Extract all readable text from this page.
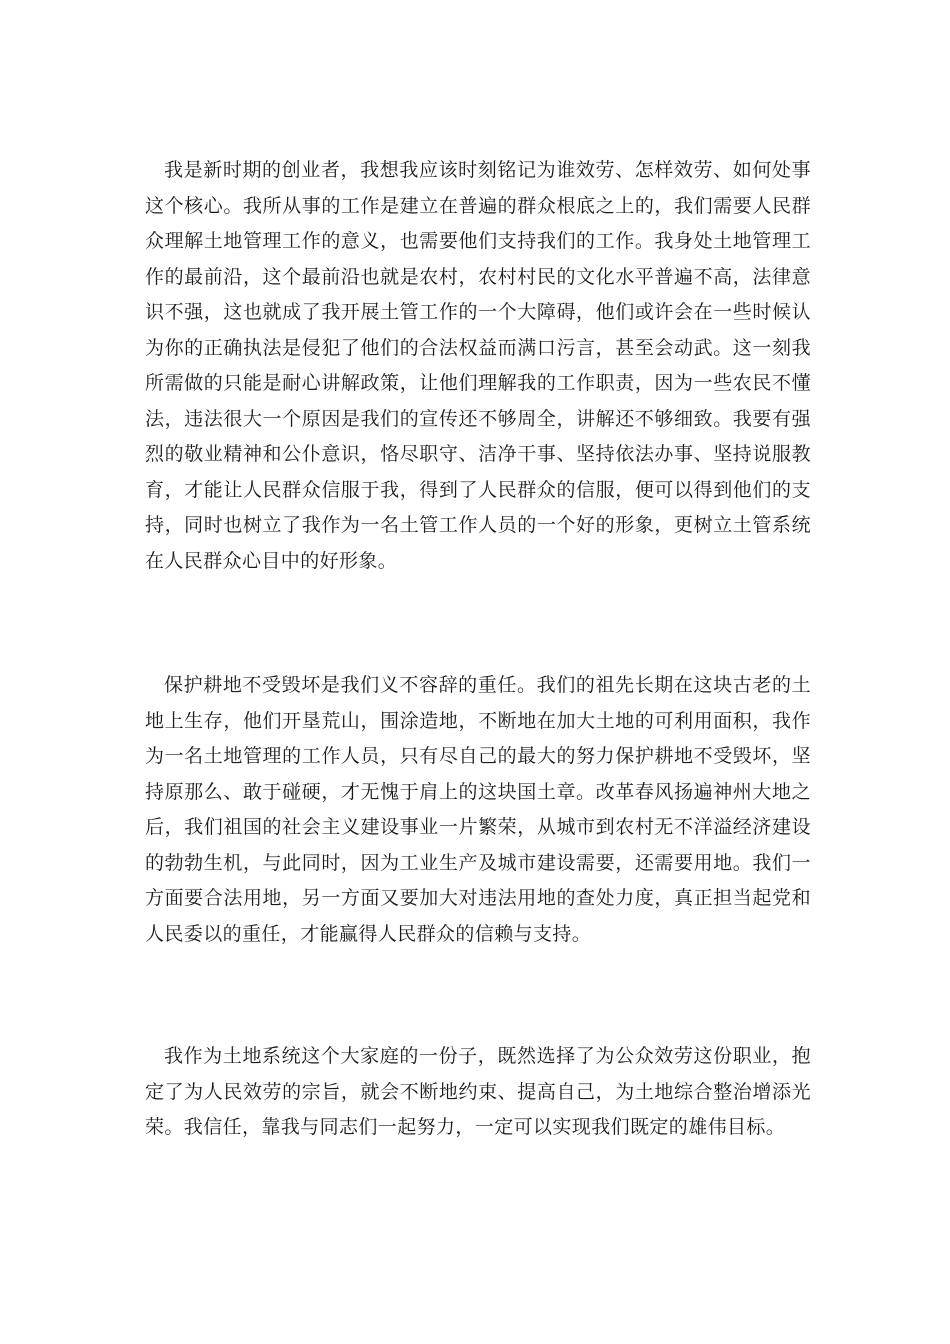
我是新时期的创业者，我想我应该时刻铭记为谁效劳、怎样效劳、如何处事这个核心。我所从事的工作是建立在普遍的群众根底之上的，我们需要人民群众理解土地管理工作的意义，也需要他们支持我们的工作。我身处土地管理工作的最前沿，这个最前沿也就是农村，农村村民的文化水平普遍不高，法律意识不强，这也就成了我开展土管工作的一个大障碍，他们或许会在一些时候认为你的正确执法是侵犯了他们的合法权益而满口污言，甚至会动武。这一刻我所需做的只能是耐心讲解政策，让他们理解我的工作职责，因为一些农民不懂法，违法很大一个原因是我们的宣传还不够周全，讲解还不够细致。我要有强烈的敬业精神和公仆意识，恪尽职守、洁净干事、坚持依法办事、坚持说服教育，才能让人民群众信服于我，得到了人民群众的信服，便可以得到他们的支持，同时也树立了我作为一名土管工作人员的一个好的形象，更树立土管系统在人民群众心目中的好形象。

保护耕地不受毁坏是我们义不容辞的重任。我们的祖先长期在这块古老的土地上生存，他们开垦荒山，围涂造地，不断地在加大土地的可利用面积，我作为一名土地管理的工作人员，只有尽自己的最大的努力保护耕地不受毁坏，坚持原那么、敢于碰硬，才无愧于肩上的这块国土章。改革春风扬遍神州大地之后，我们祖国的社会主义建设事业一片繁荣，从城市到农村无不洋溢经济建设的勃勃生机，与此同时，因为工业生产及城市建设需要，还需要用地。我们一方面要合法用地，另一方面又要加大对违法用地的查处力度，真正担当起党和人民委以的重任，才能赢得人民群众的信赖与支持。

我作为土地系统这个大家庭的一份子，既然选择了为公众效劳这份职业，抱定了为人民效劳的宗旨，就会不断地约束、提高自己，为土地综合整治增添光荣。我信任，靠我与同志们一起努力，一定可以实现我们既定的雄伟目标。
